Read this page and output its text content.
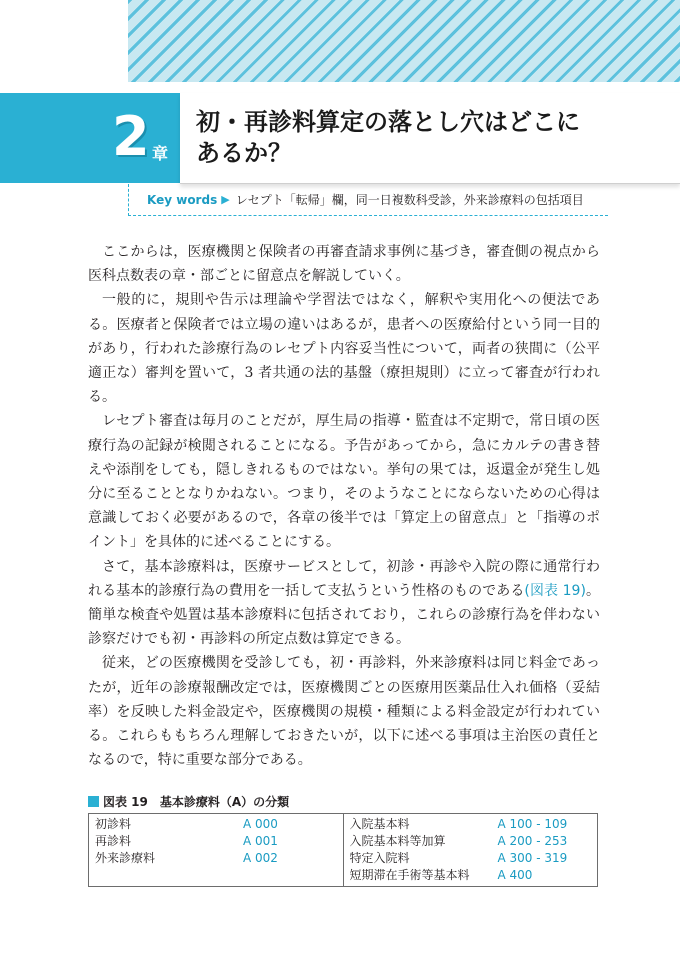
2 章
初・再診料算定の落とし穴はどこに
あるか？
Key words ▶ レセプト「転帰」欄，同一日複数科受診，外来診療料の包括項目

ここからは，医療機関と保険者の再審査請求事例に基づき，審査側の視点から医科点数表の章・部ごとに留意点を解説していく。

一般的に，規則や告示は理論や学習法ではなく，解釈や実用化への便法である。医療者と保険者では立場の違いはあるが，患者への医療給付という同一目的があり，行われた診療行為のレセプト内容妥当性について，両者の狭間に（公平適正な）審判を置いて，3 者共通の法的基盤（療担規則）に立って審査が行われる。

レセプト審査は毎月のことだが，厚生局の指導・監査は不定期で，常日頃の医療行為の記録が検閲されることになる。予告があってから，急にカルテの書き替えや添削をしても，隠しきれるものではない。挙句の果ては，返還金が発生し処分に至ることとなりかねない。つまり，そのようなことにならないための心得は意識しておく必要があるので，各章の後半では「算定上の留意点」と「指導のポイント」を具体的に述べることにする。

さて，基本診療料は，医療サービスとして，初診・再診や入院の際に通常行われる基本的診療行為の費用を一括して支払うという性格のものである(図表 19)。簡単な検査や処置は基本診療料に包括されており，これらの診療行為を伴わない診察だけでも初・再診料の所定点数は算定できる。

従来，どの医療機関を受診しても，初・再診料，外来診療料は同じ料金であったが，近年の診療報酬改定では，医療機関ごとの医療用医薬品仕入れ価格（妥結率）を反映した料金設定や，医療機関の規模・種類による料金設定が行われている。これらももちろん理解しておきたいが，以下に述べる事項は主治医の責任となるので，特に重要な部分である。

図表 19　基本診療料（A）の分類
初診料	A 000
再診料	A 001
外来診療料	A 002
入院基本料	A 100 - 109
入院基本料等加算	A 200 - 253
特定入院料	A 300 - 319
短期滞在手術等基本料	A 400
